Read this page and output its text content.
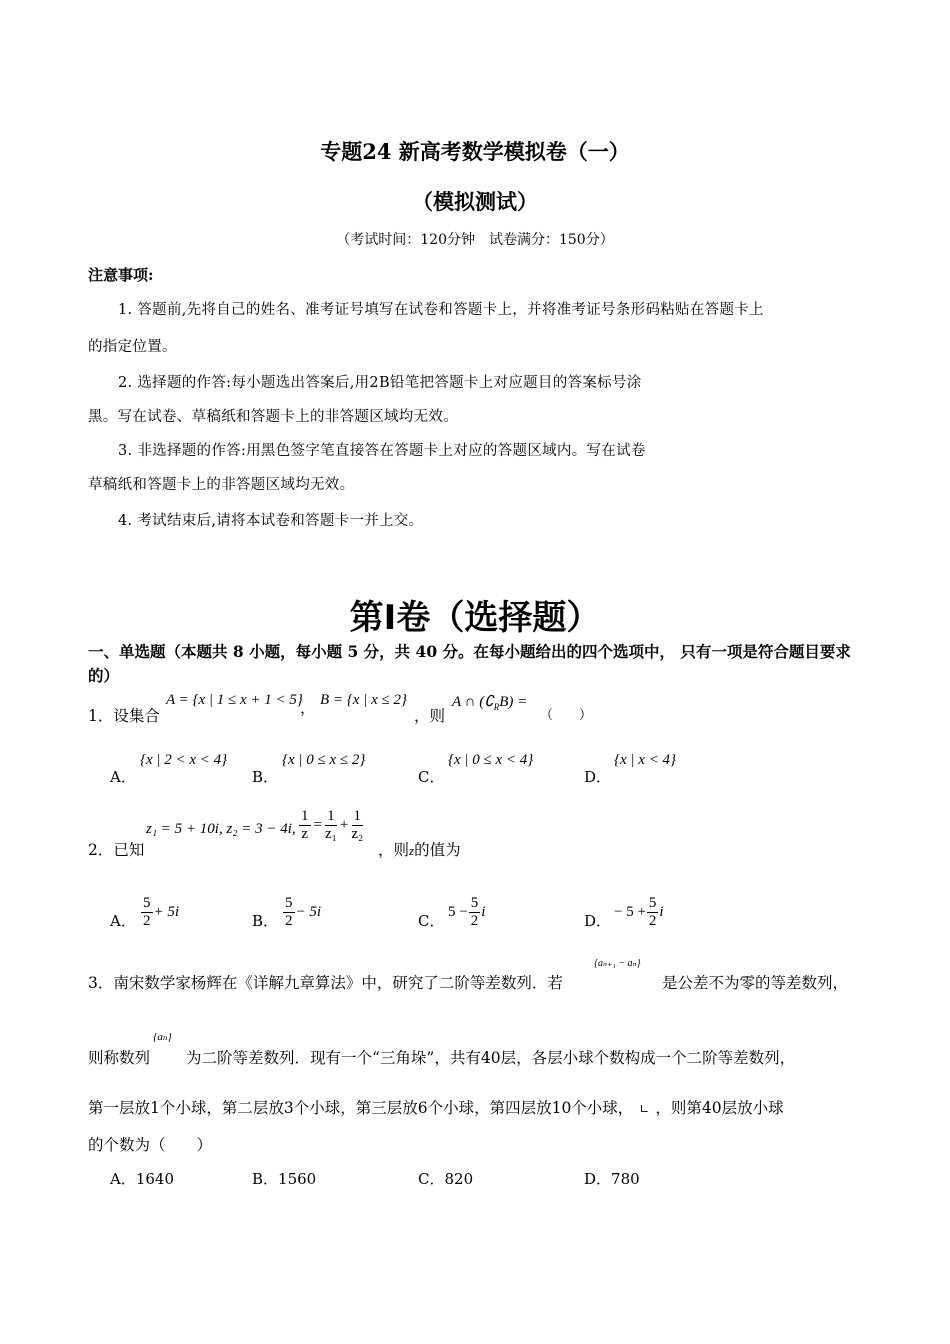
专题24 新高考数学模拟卷（一）
（模拟测试）
（考试时间：120分钟　试卷满分：150分）
注意事项:
1. 答题前,先将自己的姓名、准考证号填写在试卷和答题卡上，并将准考证号条形码粘贴在答题卡上
的指定位置。
2. 选择题的作答:每小题选出答案后,用2B铅笔把答题卡上对应题目的答案标号涂
黑。写在试卷、草稿纸和答题卡上的非答题区域均无效。
3. 非选择题的作答:用黑色签字笔直接答在答题卡上对应的答题区域内。写在试卷
草稿纸和答题卡上的非答题区域均无效。
4. 考试结束后,请将本试卷和答题卡一并上交。
第Ⅰ卷（选择题）
一、单选题（本题共 8 小题，每小题 5 分，共 40 分。在每小题给出的四个选项中， 只有一项是符合题目要求的）
1．设集合
A = {x | 1 ≤ x + 1 < 5}
， B = {x | x ≤ 2}
，则
A ∩ $(∁_RB)$ =
（　　）
A．
{x | 2 < x < 4}
B．
{x | 0 ≤ x ≤ 2}
C．
{x | 0 ≤ x < 4}
D．
{x | x < 4}
2．已知
z₁ = 5 + 10i, z₂ = 3 − 4i, $\frac{1}{z} = \frac{1}{\text{z₁}} + \frac{1}{\text{z₂}}$
，则z的值为
A． $\frac{5}{2} + 5i$	B． $\frac{5}{2} - 5i$	C． $5 - \frac{5}{2}$ i	D． − $5 + \frac{5}{2}$ i
3．南宋数学家杨辉在《详解九章算法》中，研究了二阶等差数列．若
{aₙ₊₁ − aₙ}
是公差不为零的等差数列，
则称数列
{aₙ}
为二阶等差数列．现有一个“三角垛”，共有40层，各层小球个数构成一个二阶等差数列，
第一层放1个小球，第二层放3个小球，第三层放6个小球，第四层放10个小球， ∟ ，则第40层放小球
的个数为（　　）
A．1640	B．1560	C．820	D．780
